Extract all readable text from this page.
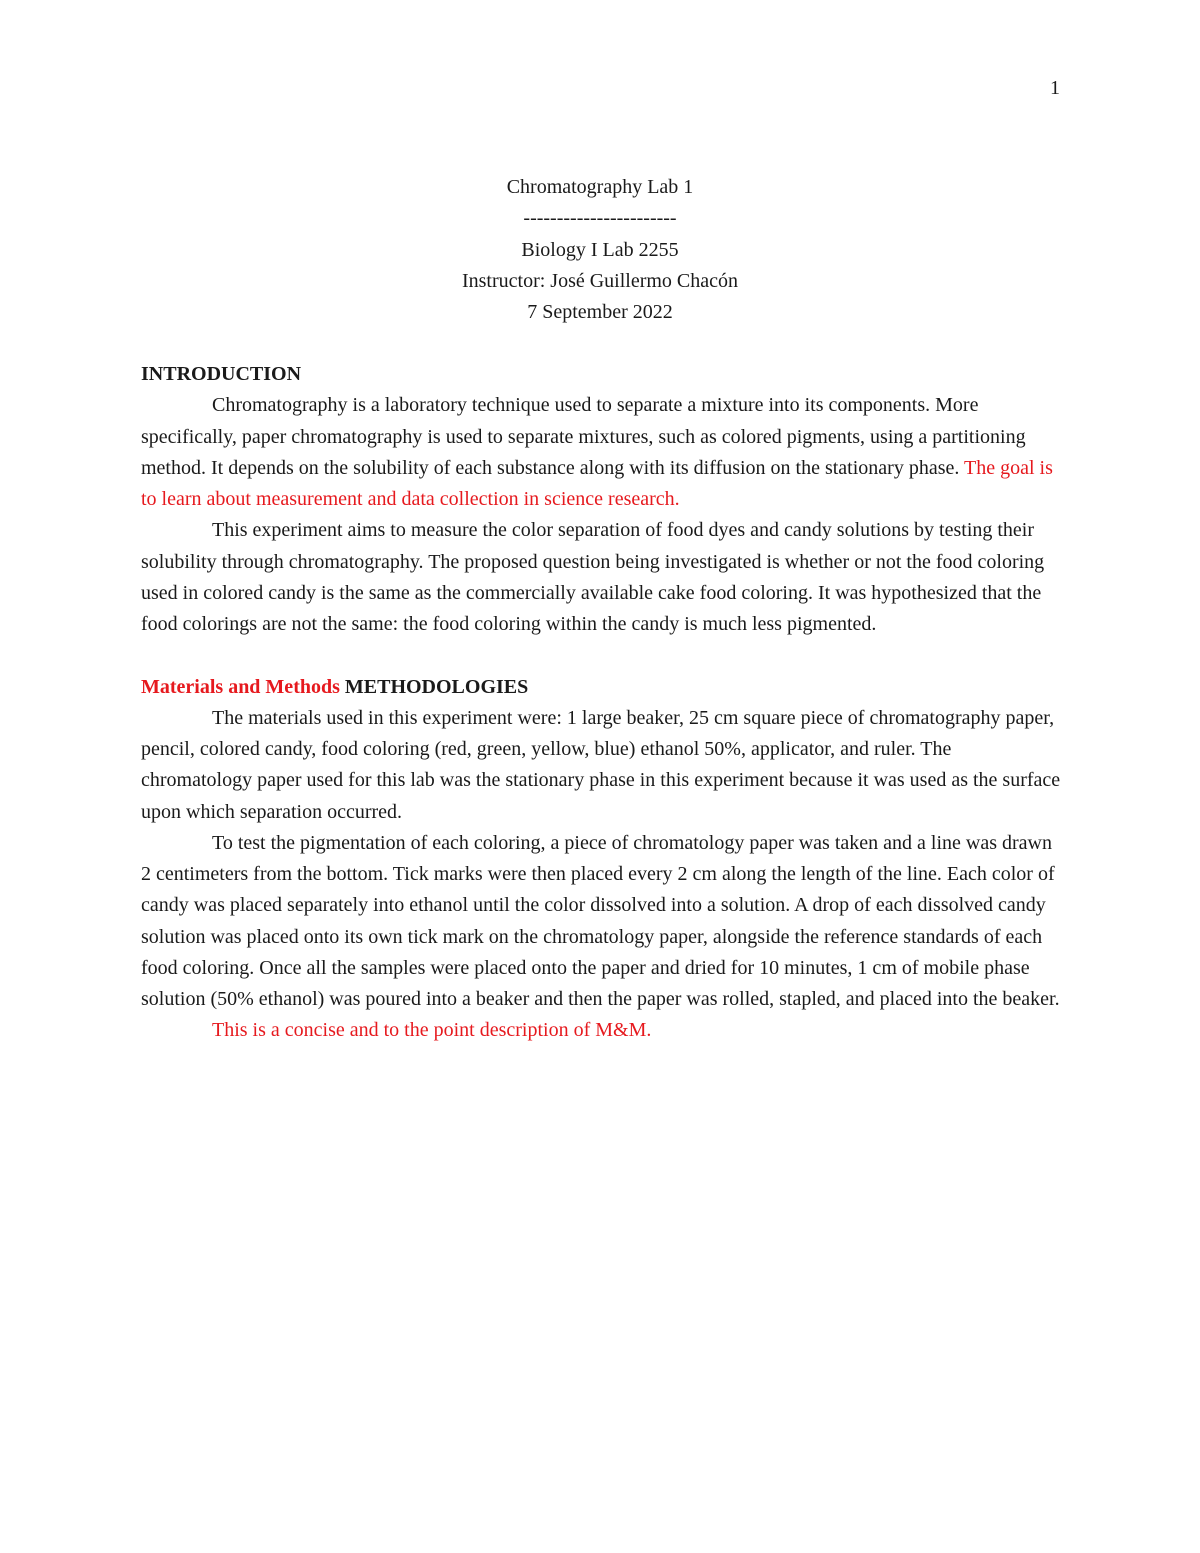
1
Chromatography Lab 1
-----------------------
Biology I Lab 2255
Instructor: José Guillermo Chacón
7 September 2022
INTRODUCTION

Chromatography is a laboratory technique used to separate a mixture into its components. More specifically, paper chromatography is used to separate mixtures, such as colored pigments, using a partitioning method. It depends on the solubility of each substance along with its diffusion on the stationary phase. The goal is to learn about measurement and data collection in science research.

This experiment aims to measure the color separation of food dyes and candy solutions by testing their solubility through chromatography. The proposed question being investigated is whether or not the food coloring used in colored candy is the same as the commercially available cake food coloring. It was hypothesized that the food colorings are not the same: the food coloring within the candy is much less pigmented.

Materials and Methods METHODOLOGIES

The materials used in this experiment were: 1 large beaker, 25 cm square piece of chromatography paper, pencil, colored candy, food coloring (red, green, yellow, blue) ethanol 50%, applicator, and ruler. The chromatology paper used for this lab was the stationary phase in this experiment because it was used as the surface upon which separation occurred.

To test the pigmentation of each coloring, a piece of chromatology paper was taken and a line was drawn 2 centimeters from the bottom. Tick marks were then placed every 2 cm along the length of the line. Each color of candy was placed separately into ethanol until the color dissolved into a solution. A drop of each dissolved candy solution was placed onto its own tick mark on the chromatology paper, alongside the reference standards of each food coloring. Once all the samples were placed onto the paper and dried for 10 minutes, 1 cm of mobile phase solution (50% ethanol) was poured into a beaker and then the paper was rolled, stapled, and placed into the beaker.

This is a concise and to the point description of M&M.
